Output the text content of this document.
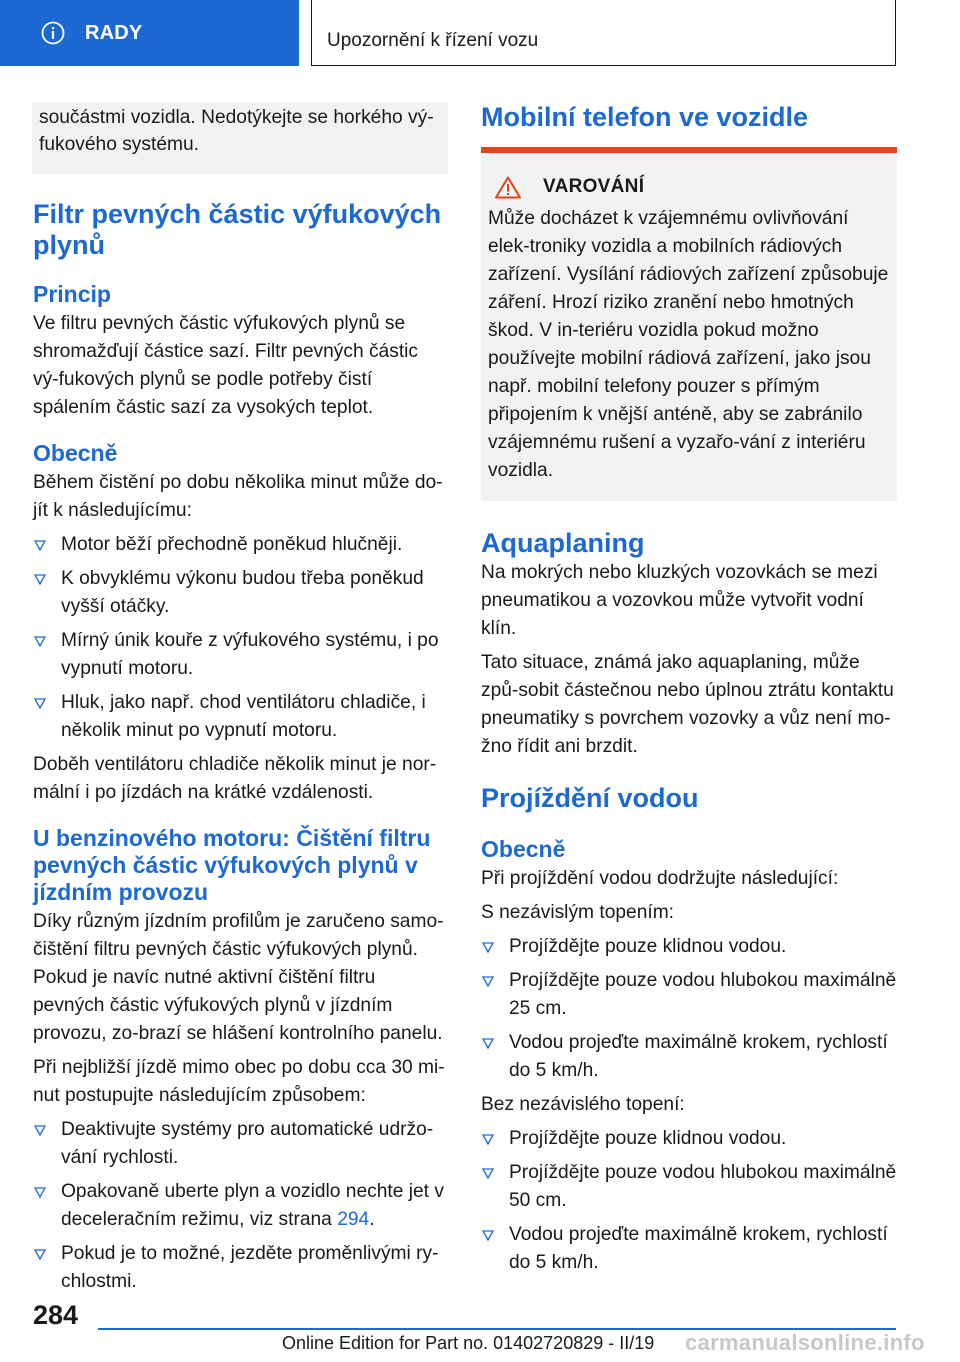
RADY	Upozornění k řízení vozu
součástmi vozidla. Nedotýkejte se horkého vý-fukového systému.
Filtr pevných částic výfukových plynů
Princip

Ve filtru pevných částic výfukových plynů se shromažďují částice sazí. Filtr pevných částic vý-fukových plynů se podle potřeby čistí spálením částic sazí za vysokých teplot.

Obecně

Během čistění po dobu několika minut může do-jít k následujícímu:

Motor běží přechodně poněkud hlučněji.
K obvyklému výkonu budou třeba poněkud vyšší otáčky.
Mírný únik kouře z výfukového systému, i po vypnutí motoru.
Hluk, jako např. chod ventilátoru chladiče, i několik minut po vypnutí motoru.

Doběh ventilátoru chladiče několik minut je nor-mální i po jízdách na krátké vzdálenosti.

U benzinového motoru: Čištění filtru pevných částic výfukových plynů v jízdním provozu

Díky různým jízdním profilům je zaručeno samo-čištění filtru pevných částic výfukových plynů. Pokud je navíc nutné aktivní čištění filtru pevných částic výfukových plynů v jízdním provozu, zo-brazí se hlášení kontrolního panelu.

Při nejbližší jízdě mimo obec po dobu cca 30 mi-nut postupujte následujícím způsobem:

Deaktivujte systémy pro automatické udržo-vání rychlosti.
Opakovaně uberte plyn a vozidlo nechte jet v deceleračním režimu, viz strana 294.
Pokud je to možné, jezděte proměnlivými ry-chlostmi.
Mobilní telefon ve vozidle
VAROVÁNÍ

Může docházet k vzájemnému ovlivňování elek-troniky vozidla a mobilních rádiových zařízení. Vysílání rádiových zařízení způsobuje záření. Hrozí riziko zranění nebo hmotných škod. V in-teriéru vozidla pokud možno používejte mobilní rádiová zařízení, jako jsou např. mobilní telefony pouzer s přímým připojením k vnější anténě, aby se zabránilo vzájemnému rušení a vyzařo-vání z interiéru vozidla.

Aquaplaning

Na mokrých nebo kluzkých vozovkách se mezi pneumatikou a vozovkou může vytvořit vodní klín.

Tato situace, známá jako aquaplaning, může způ-sobit částečnou nebo úplnou ztrátu kontaktu pneumatiky s povrchem vozovky a vůz není mo-žno řídit ani brzdit.

Projíždění vodou
Obecně

Při projíždění vodou dodržujte následující:

S nezávislým topením:

Projíždějte pouze klidnou vodou.
Projíždějte pouze vodou hlubokou maximálně 25 cm.
Vodou projeďte maximálně krokem, rychlostí do 5 km/h.

Bez nezávislého topení:

Projíždějte pouze klidnou vodou.
Projíždějte pouze vodou hlubokou maximálně 50 cm.
Vodou projeďte maximálně krokem, rychlostí do 5 km/h.
284
Online Edition for Part no. 01402720829 - II/19 carmanualsonline.info
